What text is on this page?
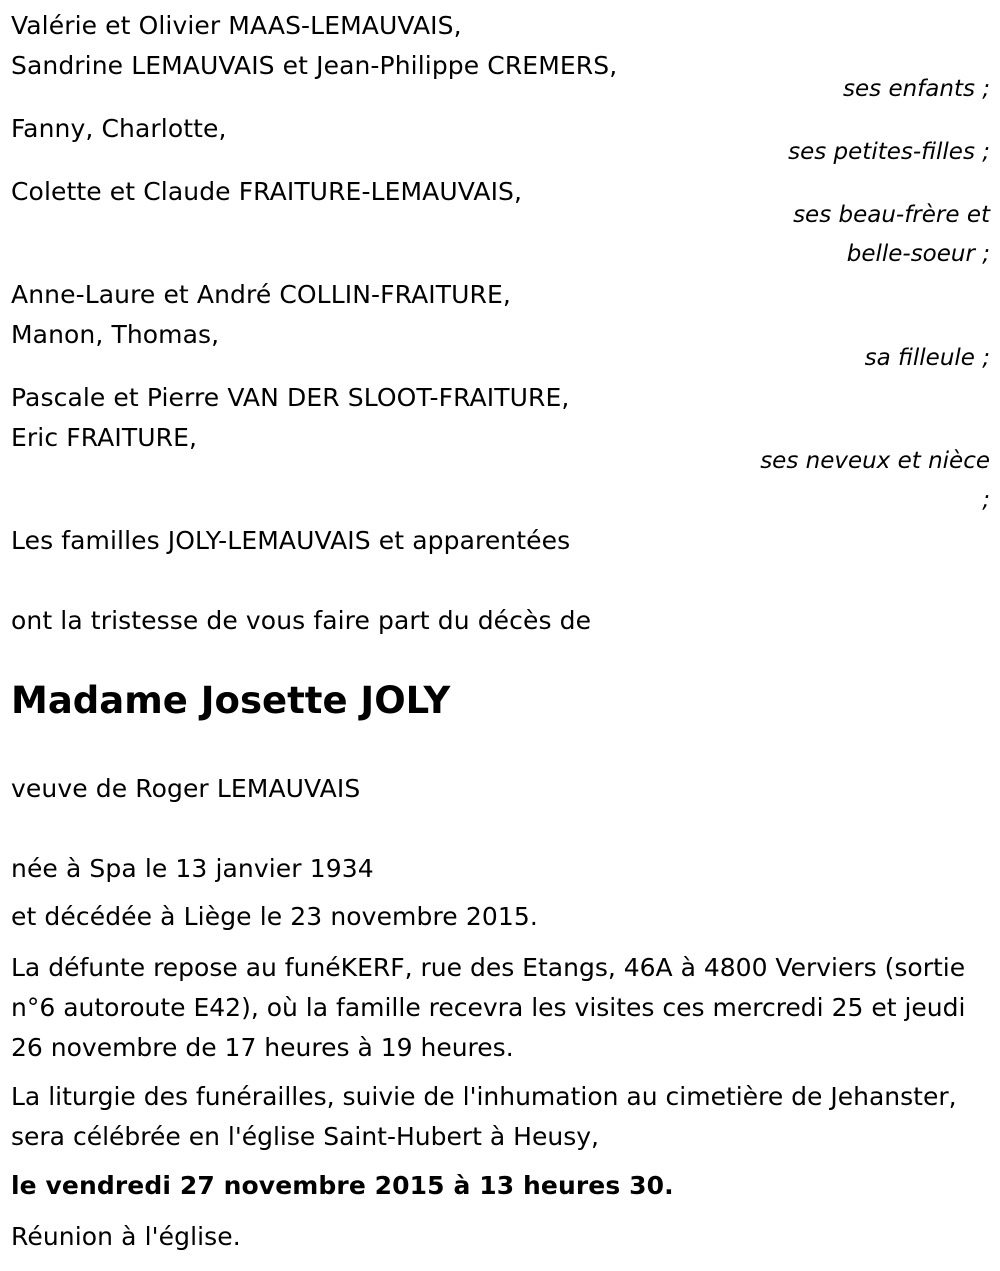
Valérie et Olivier MAAS-LEMAUVAIS,
Sandrine LEMAUVAIS et Jean-Philippe CREMERS,
ses enfants ;
Fanny, Charlotte,
ses petites-filles ;
Colette et Claude FRAITURE-LEMAUVAIS,
ses beau-frère et
belle-soeur ;
Anne-Laure et André COLLIN-FRAITURE,
Manon, Thomas,
sa filleule ;
Pascale et Pierre VAN DER SLOOT-FRAITURE,
Eric FRAITURE,
ses neveux et nièce
;
Les familles JOLY-LEMAUVAIS et apparentées
ont la tristesse de vous faire part du décès de
Madame Josette JOLY
veuve de Roger LEMAUVAIS
née à Spa le 13 janvier 1934
et décédée à Liège le 23 novembre 2015.
La défunte repose au funéKERF, rue des Etangs, 46A à 4800 Verviers (sortie n°6 autoroute E42), où la famille recevra les visites ces mercredi 25 et jeudi 26 novembre de 17 heures à 19 heures.
La liturgie des funérailles, suivie de l'inhumation au cimetière de Jehanster, sera célébrée en l'église Saint-Hubert à Heusy,
le vendredi 27 novembre 2015 à 13 heures 30.
Réunion à l'église.
